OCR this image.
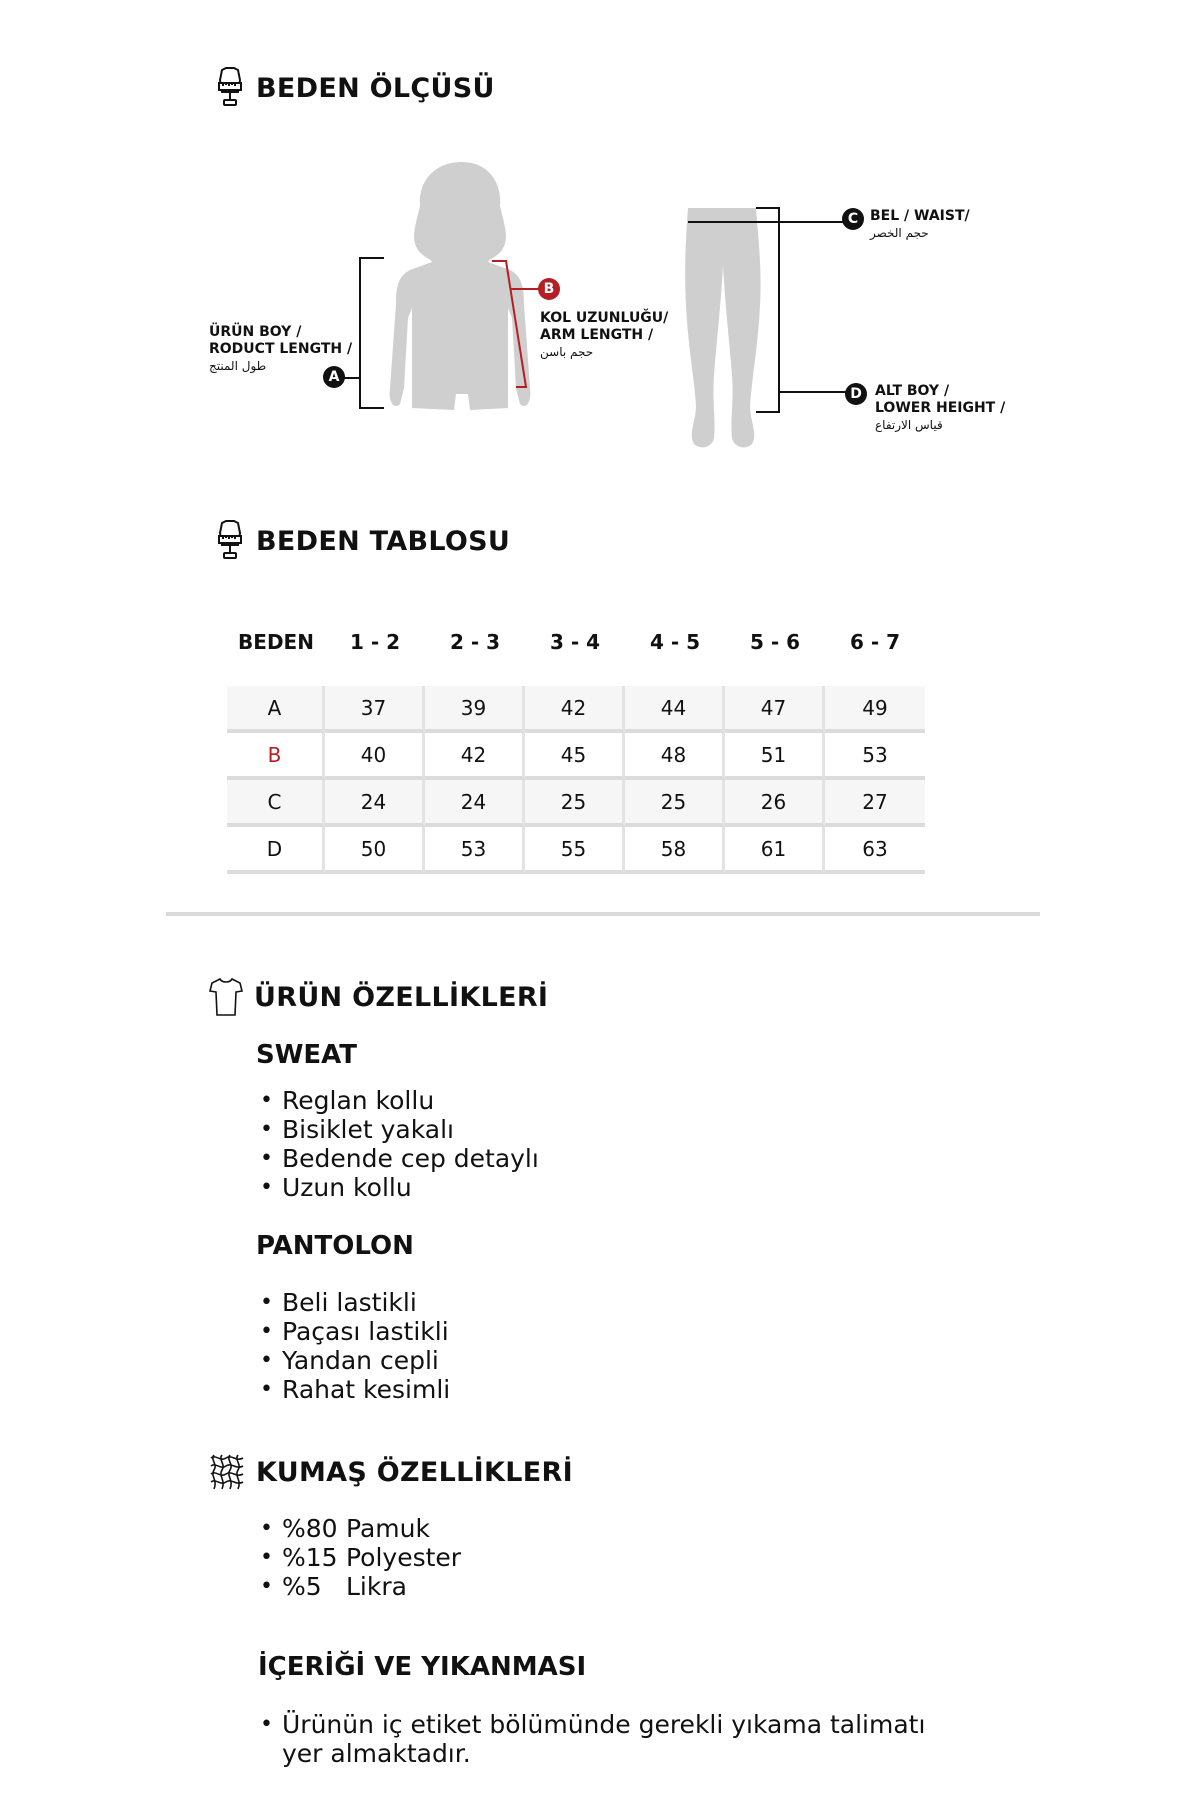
BEDEN ÖLÇÜSÜ
A
ÜRÜN BOY /
RODUCT LENGTH /
طول المنتج
B
KOL UZUNLUĞU/
ARM LENGTH /
حجم باسن
C BEL / WAIST/
حجم الخصر
D ALT BOY /
LOWER HEIGHT /
قياس الارتفاع
BEDEN TABLOSU
BEDEN	1 - 2	2 - 3	3 - 4	4 - 5	5 - 6	6 - 7

A	37	39	42	44	47	49
B	40	42	45	48	51	53
C	24	24	25	25	26	27
D	50	53	55	58	61	63
ÜRÜN ÖZELLİKLERİ
SWEAT
• Reglan kollu
• Bisiklet yakalı
• Bedende cep detaylı
• Uzun kollu
PANTOLON
• Beli lastikli
• Paçası lastikli
• Yandan cepli
• Rahat kesimli
KUMAŞ ÖZELLİKLERİ
• %80 Pamuk
• %15 Polyester
• %5 Likra
İÇERİĞİ VE YIKANMASI
• Ürünün iç etiket bölümünde gerekli yıkama talimatı yer almaktadır.
